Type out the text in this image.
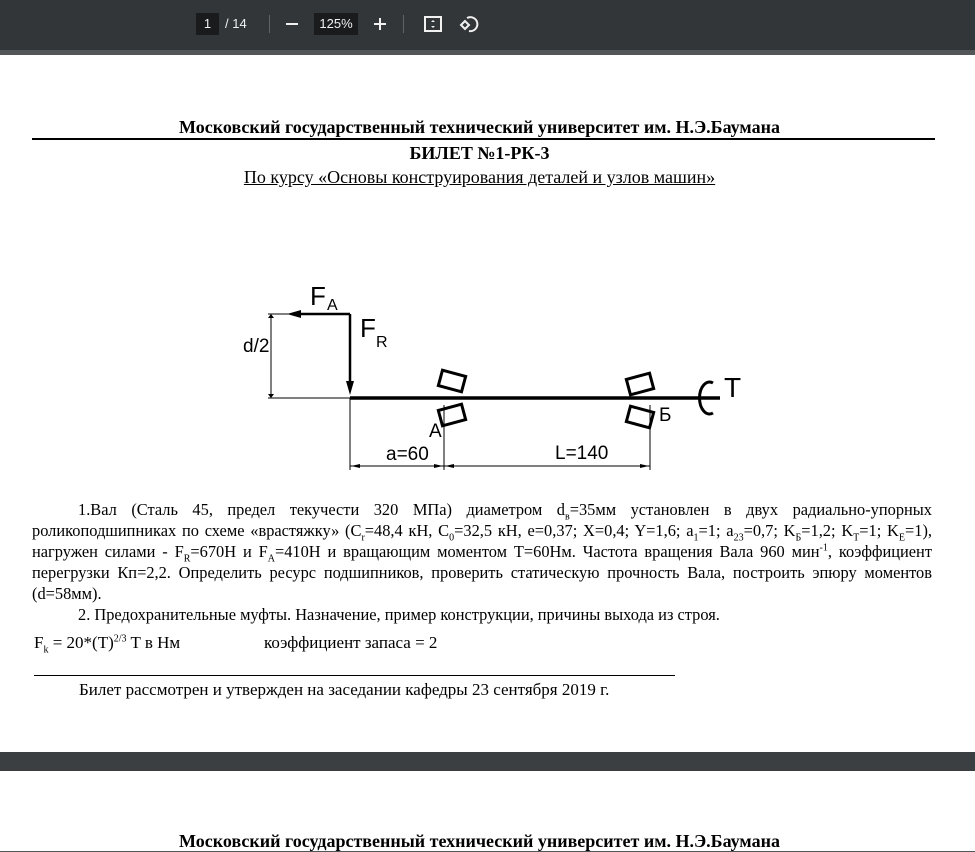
1	/ 14	125%
Московский государственный технический университет им. Н.Э.Баумана
БИЛЕТ №1-РК-3
По курсу «Основы конструирования деталей и узлов машин»
F A
F R
d/2
A
Б
T
a=60	L=140
1.Вал (Сталь 45, предел текучести 320 МПа) диаметром $d_в=35мм$ установлен в двух радиально-упорных роликоподшипниках по схеме «врастяжку» ($C_r=48,4$ кН, $C_0=32,5$ кН, e=0,37; X=0,4; Y=1,6; $a_1=1$; $a_{23}=0,7$; $K_Б=1,2$; $K_T=1$; $K_E=1$), нагружен силами - $F_R=670Н$ и $F_A=410Н$ и вращающим моментом T=60Нм. Частота вращения Вала 960 мин$^{-1}$, коэффициент перегрузки Кп=2,2. Определить ресурс подшипников, проверить статическую прочность Вала, построить эпюру моментов (d=58мм).
2. Предохранительные муфты. Назначение, пример конструкции, причины выхода из строя.
$F_k = 20*(T)^{2/3}$ T в Нм	коэффициент запаса = 2
Билет рассмотрен и утвержден на заседании кафедры 23 сентября 2019 г.
Московский государственный технический университет им. Н.Э.Баумана
